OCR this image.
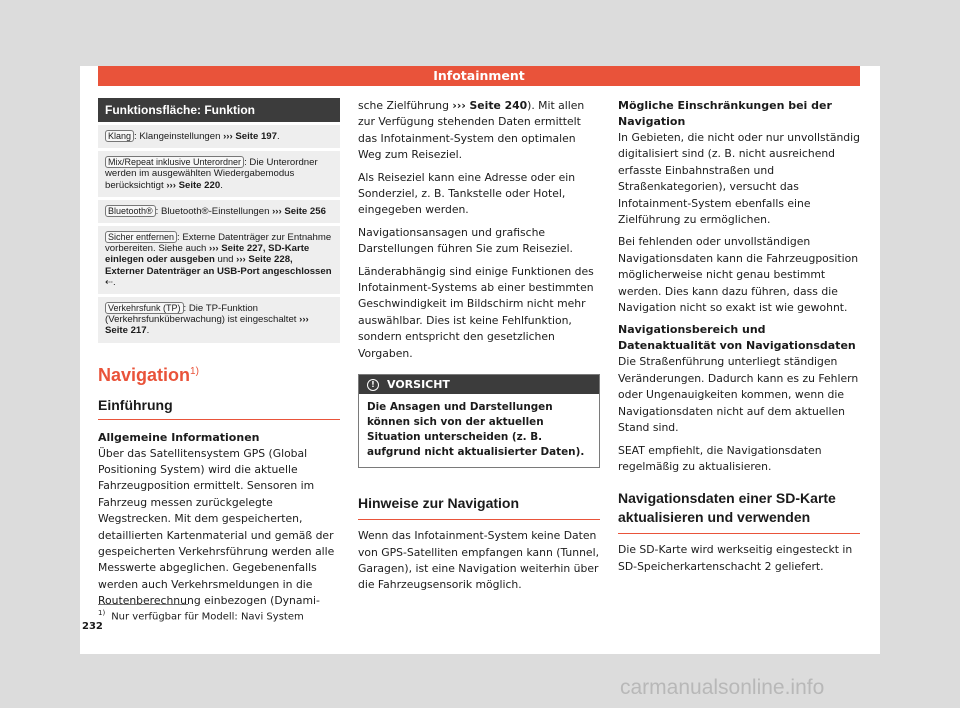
Infotainment
Funktionsfläche: Funktion
Klang : Klangeinstellungen ››› Seite 197.
Mix/Repeat inklusive Unterordner : Die Unterordner werden im ausgewählten Wiedergabemodus berücksichtigt ››› Seite 220.
Bluetooth® : Bluetooth®-Einstellungen ››› Seite 256
Sicher entfernen : Externe Datenträger zur Entnahme vorbereiten. Siehe auch ››› Seite 227, SD-Karte einlegen oder ausgeben und ››› Seite 228, Externer Datenträger an USB-Port angeschlossen ⇠.
Verkehrsfunk (TP) : Die TP-Funktion (Verkehrsfunküberwachung) ist eingeschaltet ››› Seite 217.
Navigation$^{1)}$
Einführung
Allgemeine Informationen

Über das Satellitensystem GPS (Global Positioning System) wird die aktuelle Fahrzeugposition ermittelt. Sensoren im Fahrzeug messen zurückgelegte Wegstrecken. Mit dem gespeicherten, detaillierten Kartenmaterial und gemäß der gespeicherten Verkehrsführung werden alle Messwerte abgeglichen. Gegebenenfalls werden auch Verkehrsmeldungen in die Routenberechnung einbezogen (Dynami-

sche Zielführung ››› Seite 240). Mit allen zur Verfügung stehenden Daten ermittelt das Infotainment-System den optimalen Weg zum Reiseziel.

Als Reiseziel kann eine Adresse oder ein Sonderziel, z. B. Tankstelle oder Hotel, eingegeben werden.

Navigationsansagen und grafische Darstellungen führen Sie zum Reiseziel.

Länderabhängig sind einige Funktionen des Infotainment-Systems ab einer bestimmten Geschwindigkeit im Bildschirm nicht mehr auswählbar. Dies ist keine Fehlfunktion, sondern entspricht den gesetzlichen Vorgaben.

!	VORSICHT
Die Ansagen und Darstellungen können sich von der aktuellen Situation unterscheiden (z. B. aufgrund nicht aktualisierter Daten).
Hinweise zur Navigation

Wenn das Infotainment-System keine Daten von GPS-Satelliten empfangen kann (Tunnel, Garagen), ist eine Navigation weiterhin über die Fahrzeugsensorik möglich.

Mögliche Einschränkungen bei der Navigation

In Gebieten, die nicht oder nur unvollständig digitalisiert sind (z. B. nicht ausreichend erfasste Einbahnstraßen und Straßenkategorien), versucht das Infotainment-System ebenfalls eine Zielführung zu ermöglichen.

Bei fehlenden oder unvollständigen Navigationsdaten kann die Fahrzeugposition möglicherweise nicht genau bestimmt werden. Dies kann dazu führen, dass die Navigation nicht so exakt ist wie gewohnt.

Navigationsbereich und Datenaktualität von Navigationsdaten

Die Straßenführung unterliegt ständigen Veränderungen. Dadurch kann es zu Fehlern oder Ungenauigkeiten kommen, wenn die Navigationsdaten nicht auf dem aktuellen Stand sind.

SEAT empfiehlt, die Navigationsdaten regelmäßig zu aktualisieren.

Navigationsdaten einer SD-Karte aktualisieren und verwenden

Die SD-Karte wird werkseitig eingesteckt in SD-Speicherkartenschacht 2 geliefert.

$^{1)}$ Nur verfügbar für Modell: Navi System
232
carmanualsonline.info
